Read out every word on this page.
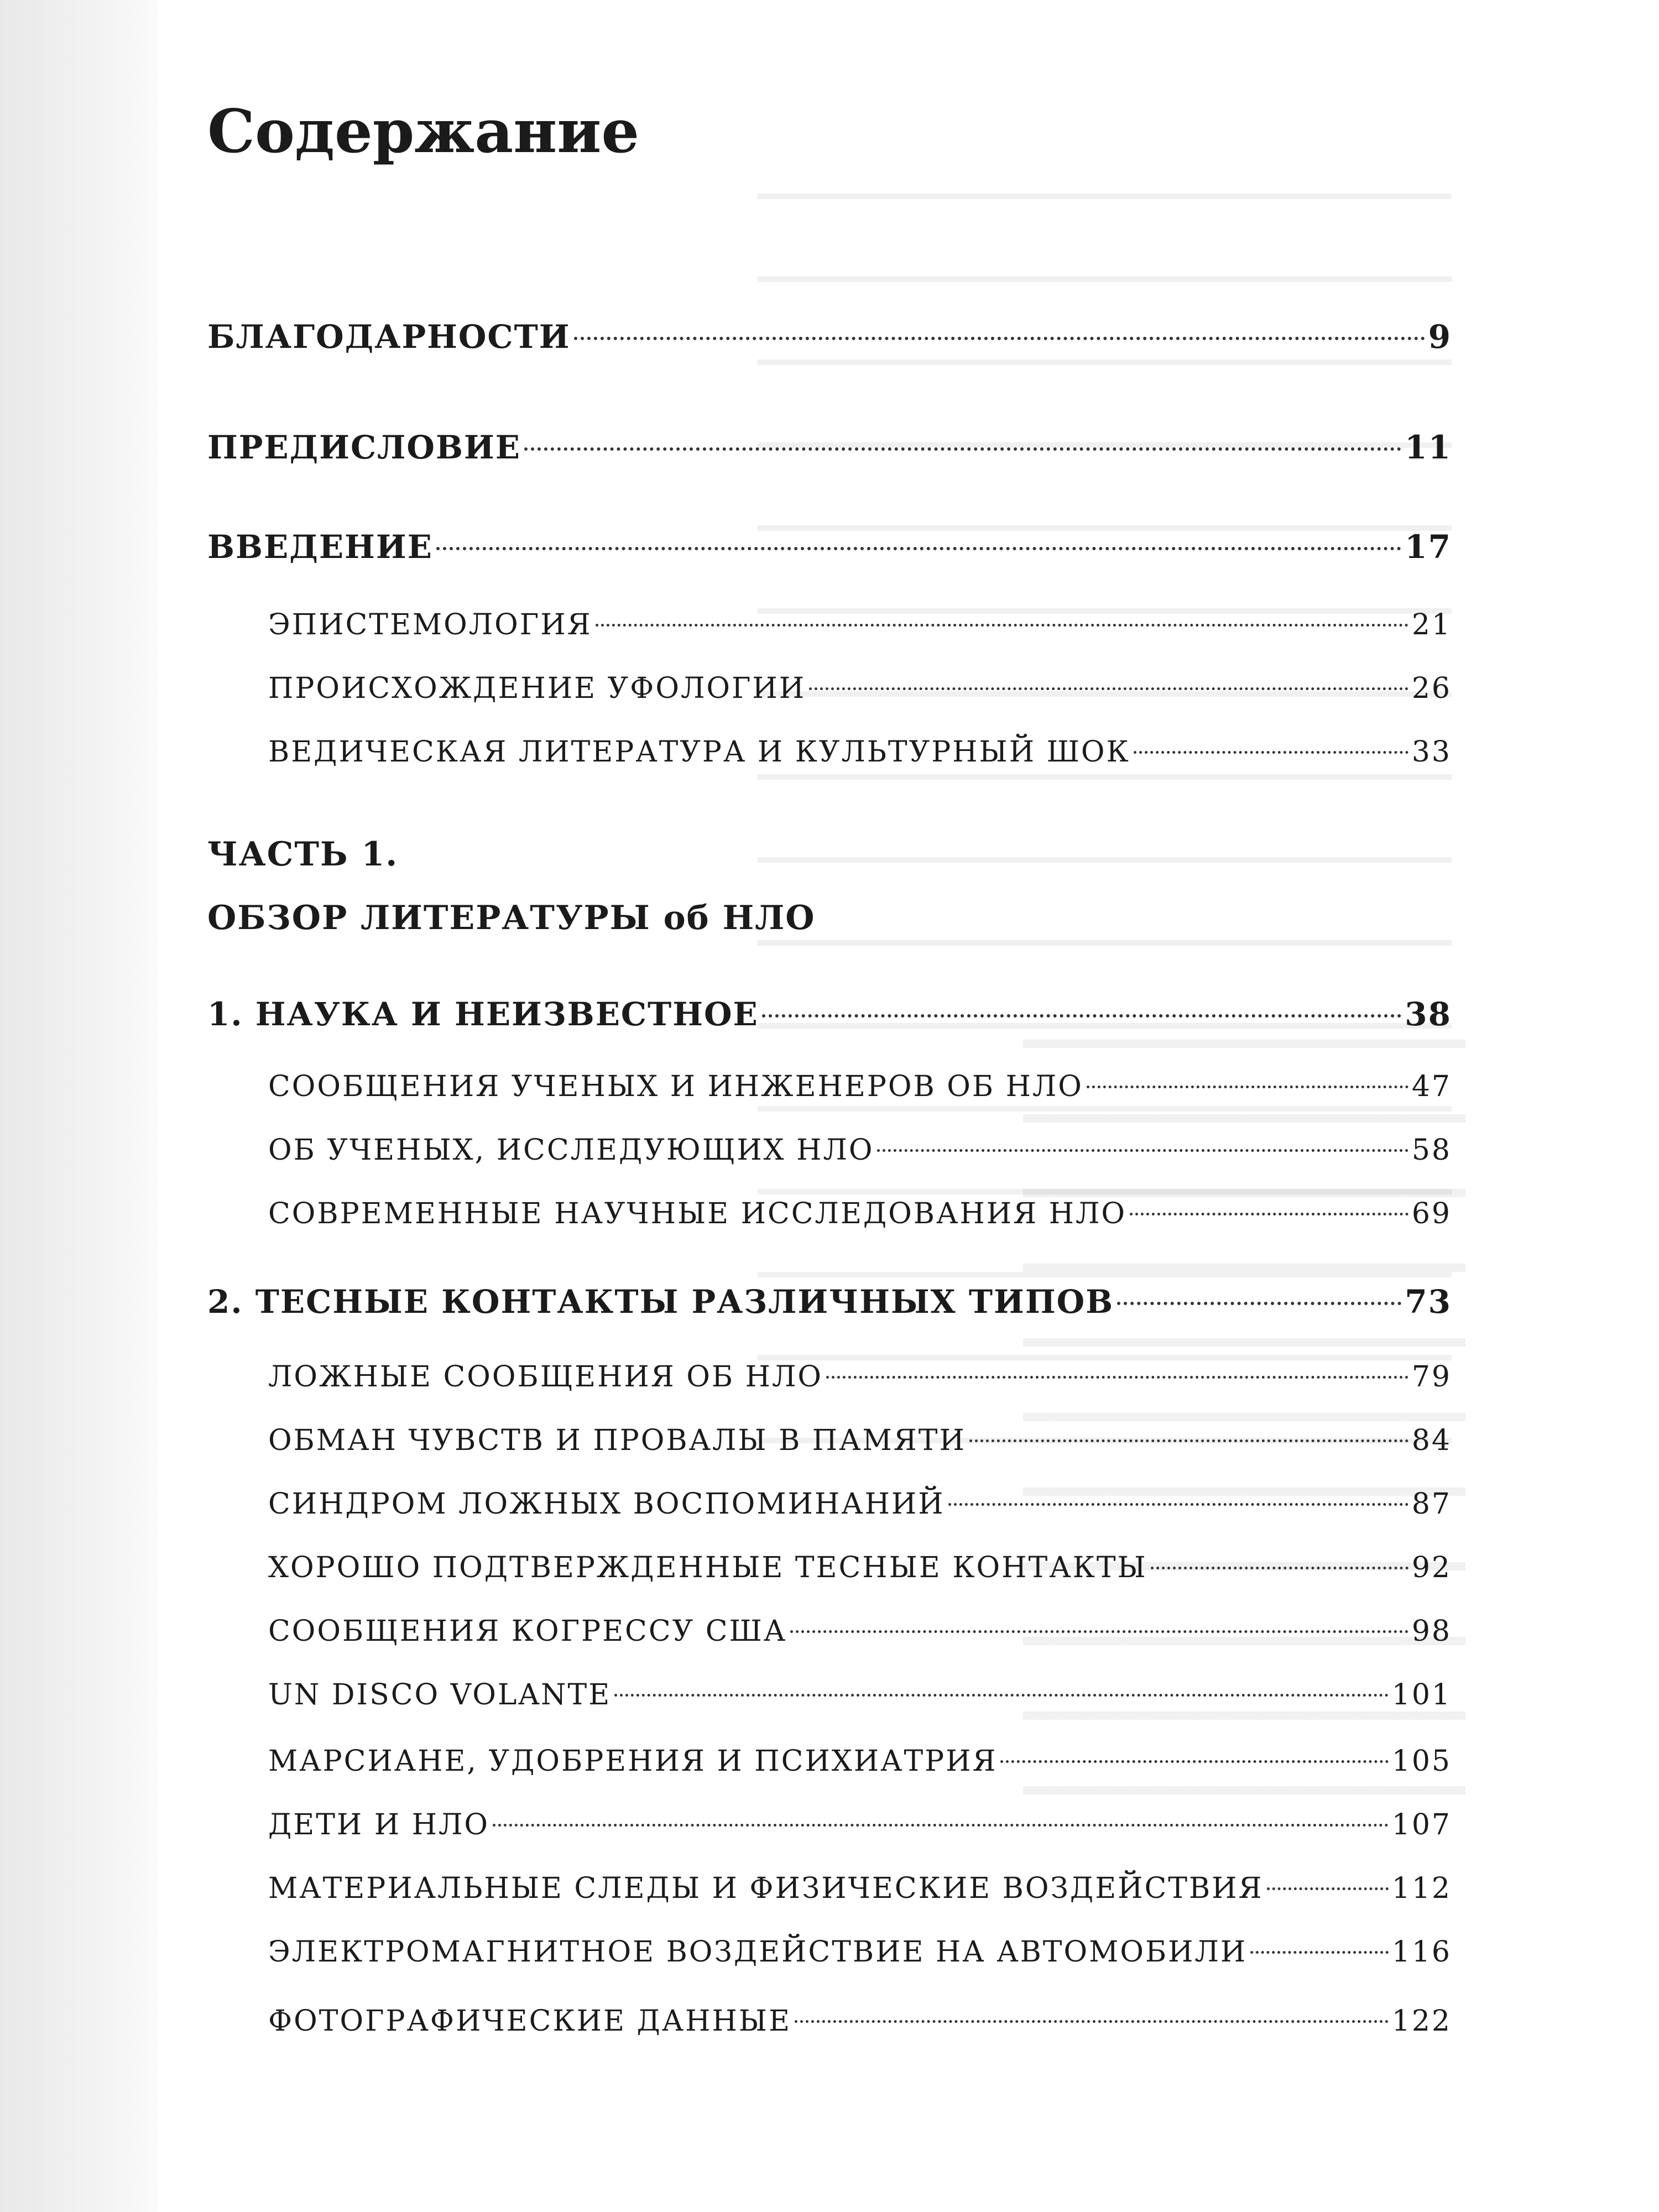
Содержание
БЛАГОДАРНОСТИ	9
ПРЕДИСЛОВИЕ	11
ВВЕДЕНИЕ	17
ЭПИСТЕМОЛОГИЯ	21
ПРОИСХОЖДЕНИЕ УФОЛОГИИ	26
ВЕДИЧЕСКАЯ ЛИТЕРАТУРА И КУЛЬТУРНЫЙ ШОК	33
ЧАСТЬ 1.
ОБЗОР ЛИТЕРАТУРЫ об НЛО
1. НАУКА И НЕИЗВЕСТНОЕ	38
СООБЩЕНИЯ УЧЕНЫХ И ИНЖЕНЕРОВ ОБ НЛО	47
ОБ УЧЕНЫХ, ИССЛЕДУЮЩИХ НЛО	58
СОВРЕМЕННЫЕ НАУЧНЫЕ ИССЛЕДОВАНИЯ НЛО	69
2. ТЕСНЫЕ КОНТАКТЫ РАЗЛИЧНЫХ ТИПОВ	73
ЛОЖНЫЕ СООБЩЕНИЯ ОБ НЛО	79
ОБМАН ЧУВСТВ И ПРОВАЛЫ В ПАМЯТИ	84
СИНДРОМ ЛОЖНЫХ ВОСПОМИНАНИЙ	87
ХОРОШО ПОДТВЕРЖДЕННЫЕ ТЕСНЫЕ КОНТАКТЫ	92
СООБЩЕНИЯ КОГРЕССУ США	98
UN DISCO VOLANTE	101
МАРСИАНЕ, УДОБРЕНИЯ И ПСИХИАТРИЯ	105
ДЕТИ И НЛО	107
МАТЕРИАЛЬНЫЕ СЛЕДЫ И ФИЗИЧЕСКИЕ ВОЗДЕЙСТВИЯ	112
ЭЛЕКТРОМАГНИТНОЕ ВОЗДЕЙСТВИЕ НА АВТОМОБИЛИ	116
ФОТОГРАФИЧЕСКИЕ ДАННЫЕ	122
